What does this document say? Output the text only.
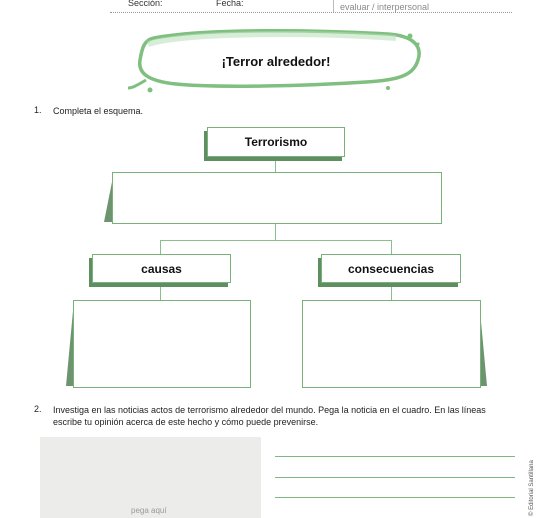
Sección:	Fecha:	evaluar / interpersonal
¡Terror alrededor!
1. Completa el esquema.
Terrorismo
causas	consecuencias
2. Investiga en las noticias actos de terrorismo alrededor del mundo. Pega la noticia en el cuadro. En las líneas escribe tu opinión acerca de este hecho y cómo puede prevenirse.
pega aquí	© Editorial Santillana
